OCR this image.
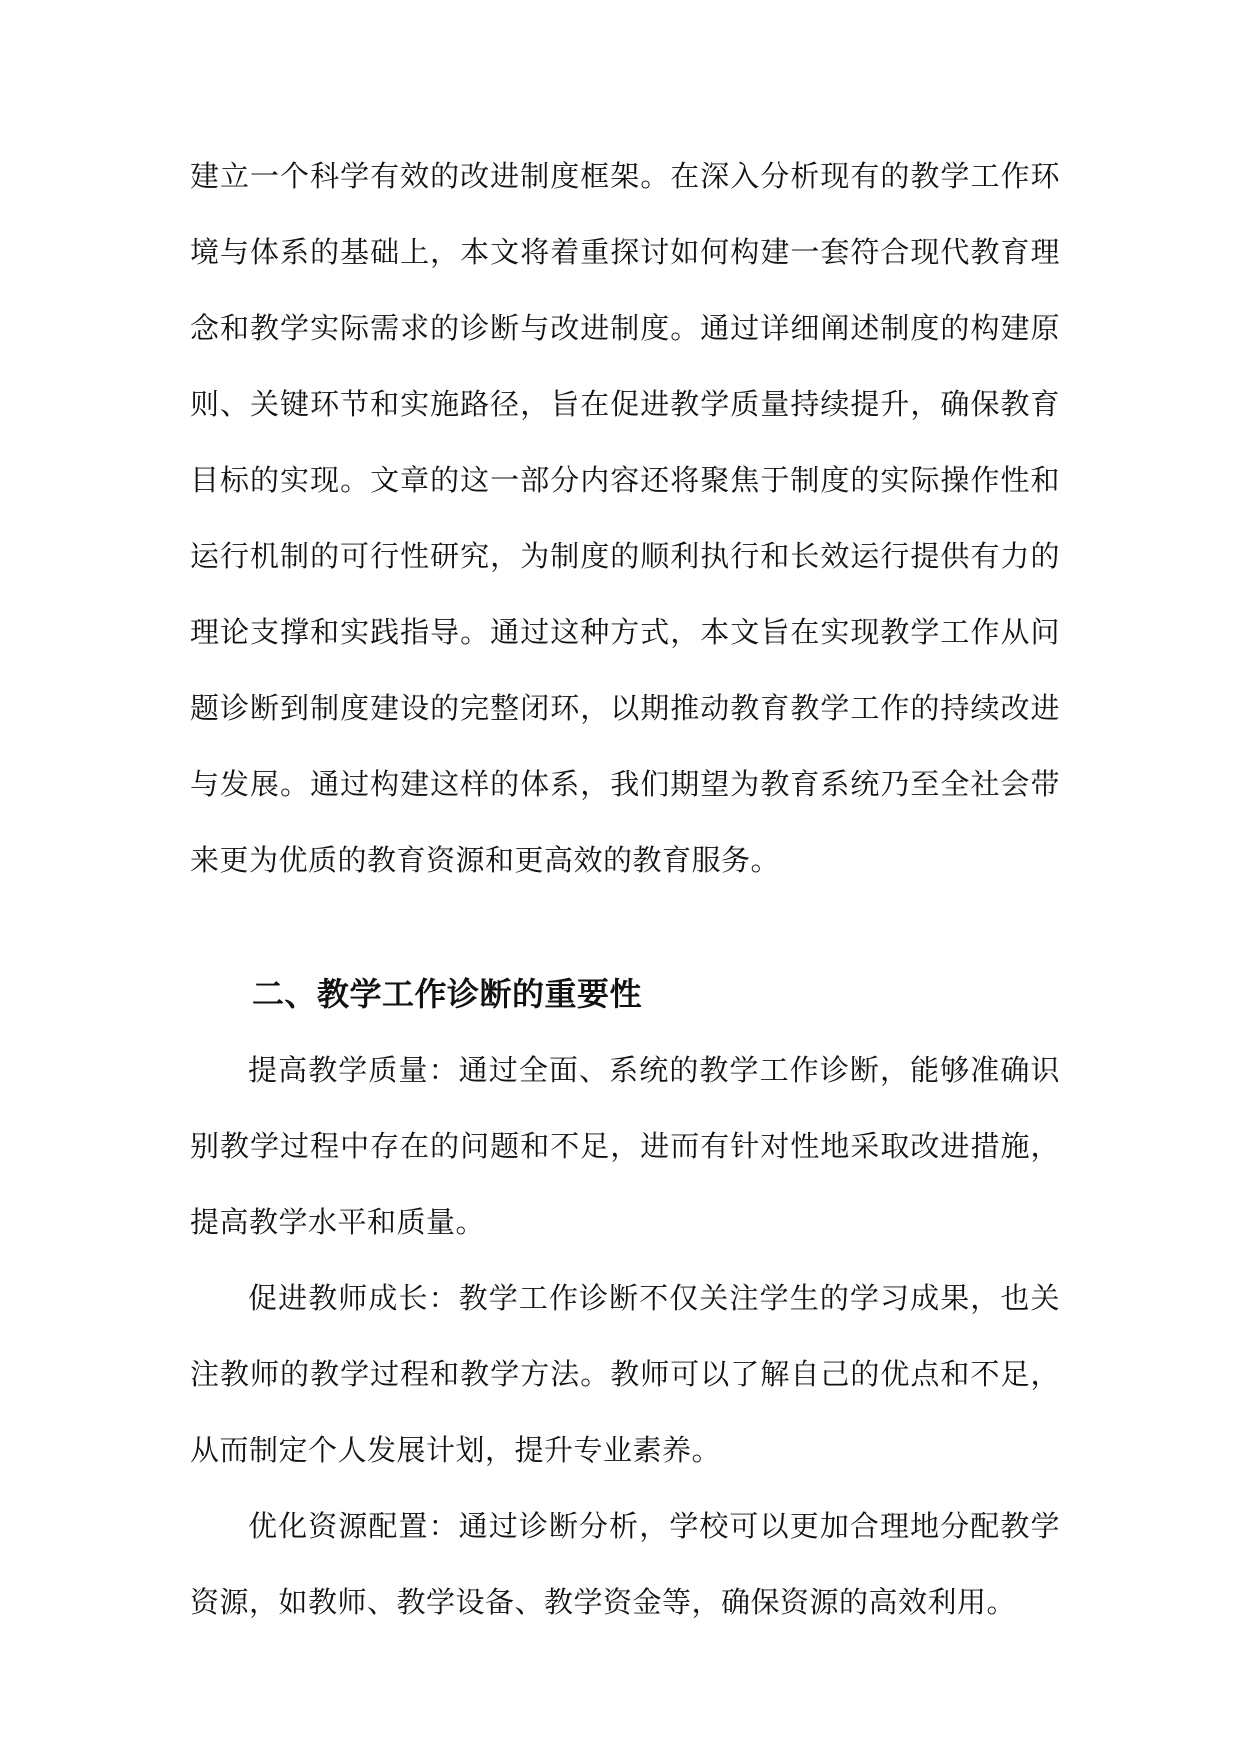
建立一个科学有效的改进制度框架。在深入分析现有的教学工作环境与体系的基础上，本文将着重探讨如何构建一套符合现代教育理念和教学实际需求的诊断与改进制度。通过详细阐述制度的构建原则、关键环节和实施路径，旨在促进教学质量持续提升，确保教育目标的实现。文章的这一部分内容还将聚焦于制度的实际操作性和运行机制的可行性研究，为制度的顺利执行和长效运行提供有力的理论支撑和实践指导。通过这种方式，本文旨在实现教学工作从问题诊断到制度建设的完整闭环，以期推动教育教学工作的持续改进与发展。通过构建这样的体系，我们期望为教育系统乃至全社会带来更为优质的教育资源和更高效的教育服务。

二、教学工作诊断的重要性

提高教学质量：通过全面、系统的教学工作诊断，能够准确识别教学过程中存在的问题和不足，进而有针对性地采取改进措施，提高教学水平和质量。

促进教师成长：教学工作诊断不仅关注学生的学习成果，也关注教师的教学过程和教学方法。教师可以了解自己的优点和不足，从而制定个人发展计划，提升专业素养。

优化资源配置：通过诊断分析，学校可以更加合理地分配教学资源，如教师、教学设备、教学资金等，确保资源的高效利用。
